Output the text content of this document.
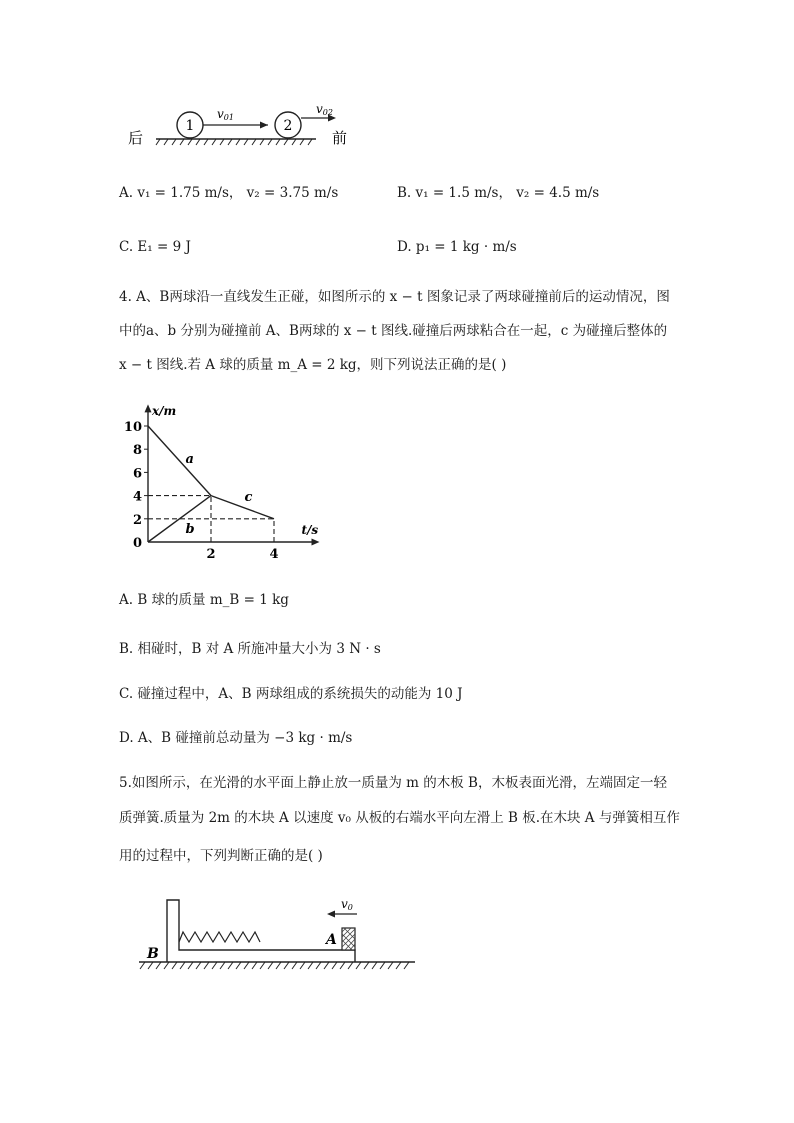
后
1
v01
2
v02
前
A. v₁ = 1.75 m/s， v₂ = 3.75 m/s	B. v₁ = 1.5 m/s， v₂ = 4.5 m/s
C. E₁ = 9 J	D. p₁ = 1 kg · m/s
4. A、B两球沿一直线发生正碰，如图所示的 x − t 图象记录了两球碰撞前后的运动情况，图
中的a、b 分别为碰撞前 A、B两球的 x − t 图线.碰撞后两球粘合在一起，c 为碰撞后整体的
x − t 图线.若 A 球的质量 m_A = 2 kg，则下列说法正确的是( )
0
2
4
6
8
10
2	4
a
b
c
x/m
t/s
A. B 球的质量 m_B = 1 kg
B. 相碰时，B 对 A 所施冲量大小为 3 N · s
C. 碰撞过程中，A、B 两球组成的系统损失的动能为 10 J
D. A、B 碰撞前总动量为 −3 kg · m/s
5.如图所示，在光滑的水平面上静止放一质量为 m 的木板 B，木板表面光滑，左端固定一轻
质弹簧.质量为 2m 的木块 A 以速度 v₀ 从板的右端水平向左滑上 B 板.在木块 A 与弹簧相互作
用的过程中，下列判断正确的是( )
v0
A
B
